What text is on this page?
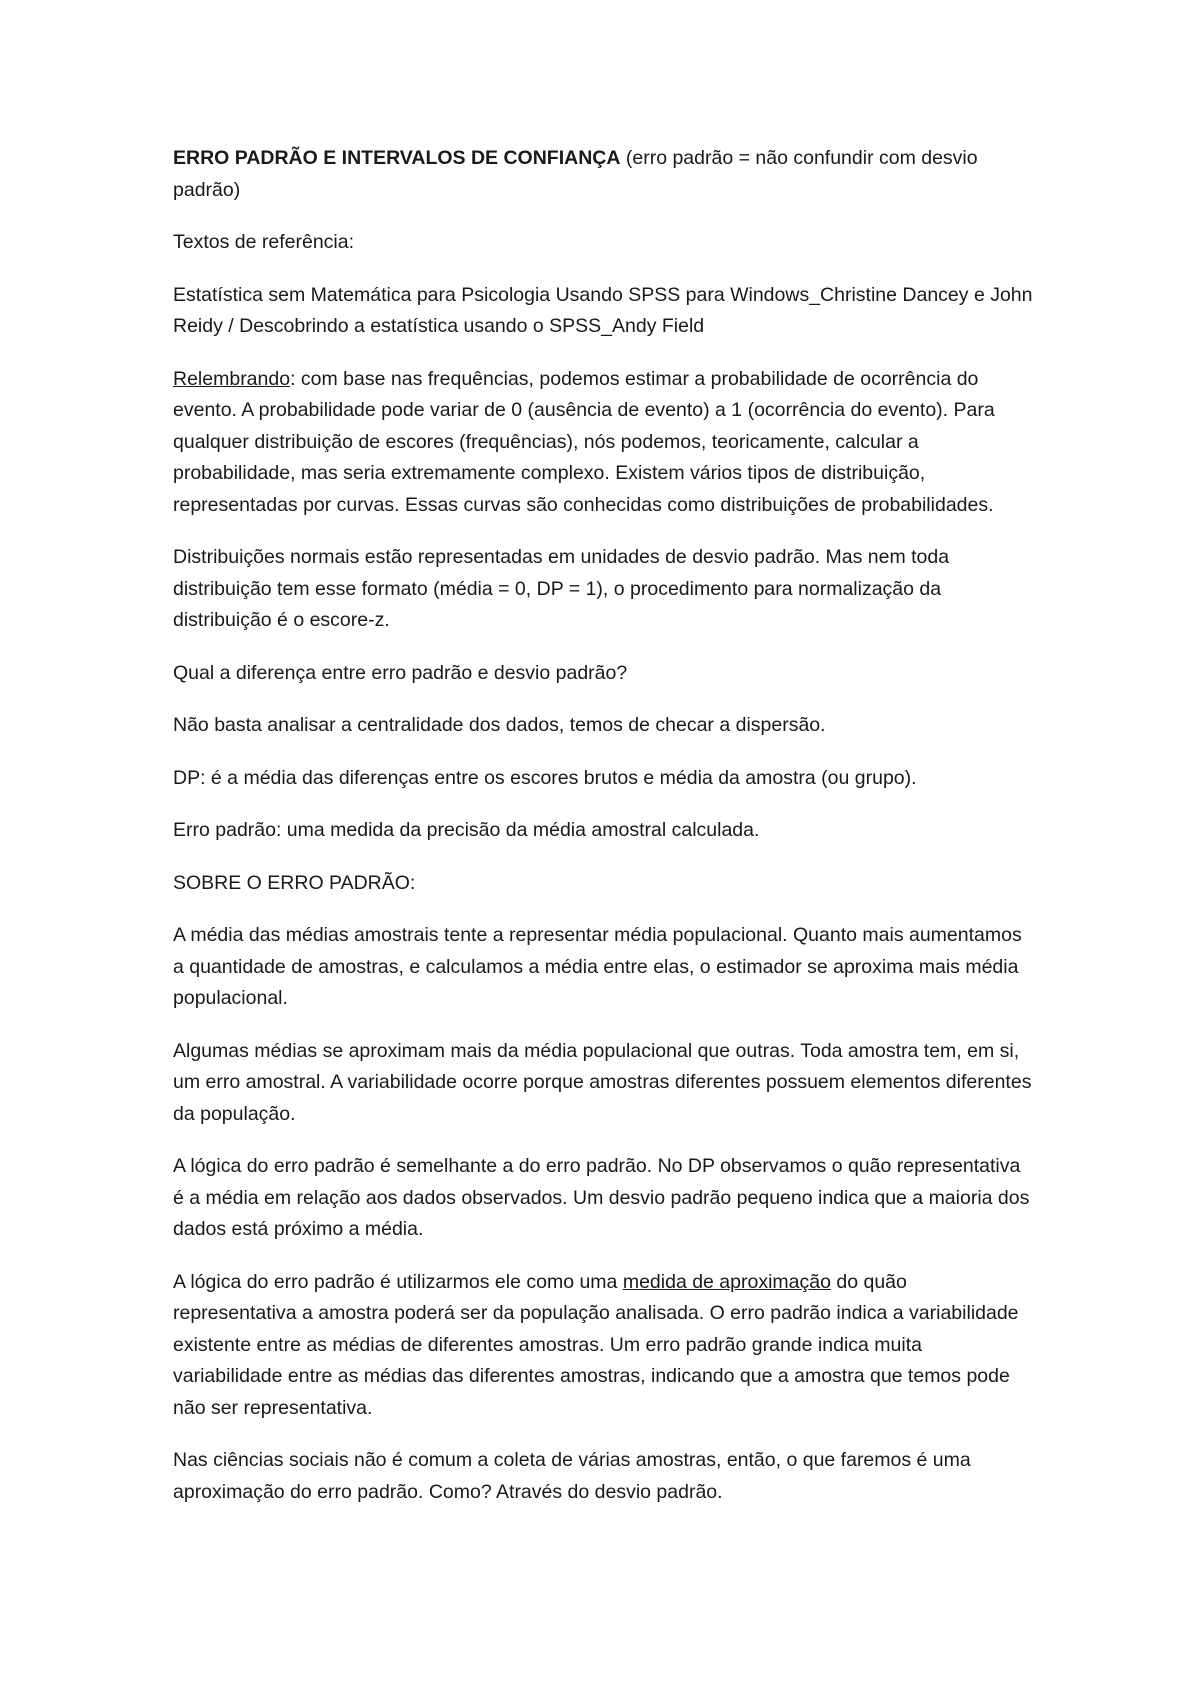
ERRO PADRÃO E INTERVALOS DE CONFIANÇA (erro padrão = não confundir com desvio padrão)

Textos de referência:

Estatística sem Matemática para Psicologia Usando SPSS para Windows_Christine Dancey e John Reidy / Descobrindo a estatística usando o SPSS_Andy Field

Relembrando: com base nas frequências, podemos estimar a probabilidade de ocorrência do evento. A probabilidade pode variar de 0 (ausência de evento) a 1 (ocorrência do evento). Para qualquer distribuição de escores (frequências), nós podemos, teoricamente, calcular a probabilidade, mas seria extremamente complexo. Existem vários tipos de distribuição, representadas por curvas. Essas curvas são conhecidas como distribuições de probabilidades.

Distribuições normais estão representadas em unidades de desvio padrão. Mas nem toda distribuição tem esse formato (média = 0, DP = 1), o procedimento para normalização da distribuição é o escore-z.

Qual a diferença entre erro padrão e desvio padrão?

Não basta analisar a centralidade dos dados, temos de checar a dispersão.

DP: é a média das diferenças entre os escores brutos e média da amostra (ou grupo).

Erro padrão: uma medida da precisão da média amostral calculada.

SOBRE O ERRO PADRÃO:

A média das médias amostrais tente a representar média populacional. Quanto mais aumentamos a quantidade de amostras, e calculamos a média entre elas, o estimador se aproxima mais média populacional.

Algumas médias se aproximam mais da média populacional que outras. Toda amostra tem, em si, um erro amostral. A variabilidade ocorre porque amostras diferentes possuem elementos diferentes da população.

A lógica do erro padrão é semelhante a do erro padrão. No DP observamos o quão representativa é a média em relação aos dados observados. Um desvio padrão pequeno indica que a maioria dos dados está próximo a média.

A lógica do erro padrão é utilizarmos ele como uma medida de aproximação do quão representativa a amostra poderá ser da população analisada. O erro padrão indica a variabilidade existente entre as médias de diferentes amostras. Um erro padrão grande indica muita variabilidade entre as médias das diferentes amostras, indicando que a amostra que temos pode não ser representativa.

Nas ciências sociais não é comum a coleta de várias amostras, então, o que faremos é uma aproximação do erro padrão. Como? Através do desvio padrão.
